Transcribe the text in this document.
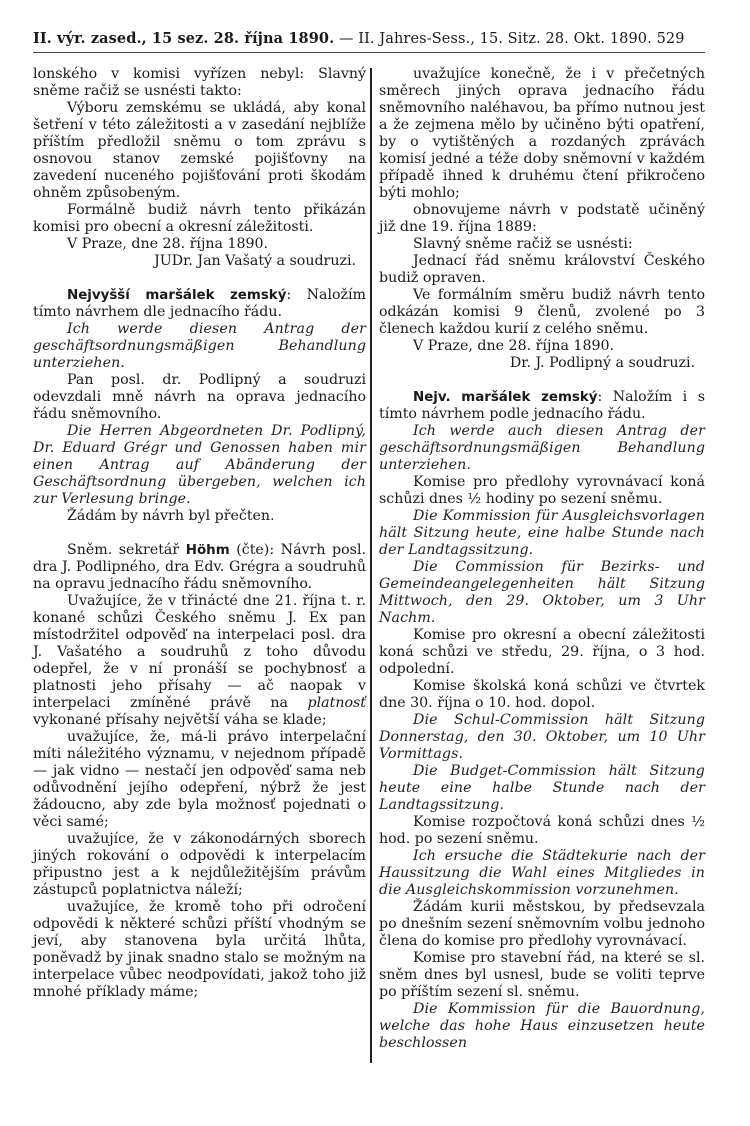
II. výr. zased., 15 sez. 28. října 1890. — II. Jahres-Sess., 15. Sitz. 28. Okt. 1890. 529

lonského v komisi vyřízen nebyl: Slavný sněme račiž se usnésti takto:

Výboru zemskému se ukládá, aby konal šetření v této záležitosti a v zasedání nejblíže příštím předložil sněmu o tom zprávu s osnovou stanov zemské pojišťovny na zavedení nuceného pojišťování proti škodám ohněm způsobeným.

Formálně budiž návrh tento přikázán komisi pro obecní a okresní záležitosti.

V Praze, dne 28. října 1890.

JUDr. Jan Vašatý a soudruzi.

Nejvyšší maršálek zemský: Naložím tímto návrhem dle jednacího řádu.

Ich werde diesen Antrag der geschäftsordnungsmäßigen Behandlung unterziehen.

Pan posl. dr. Podlipný a soudruzi odevzdali mně návrh na oprava jednacího řádu sněmovního.

Die Herren Abgeordneten Dr. Podlipný, Dr. Eduard Grégr und Genossen haben mir einen Antrag auf Abänderung der Geschäftsordnung übergeben, welchen ich zur Verlesung bringe.

Žádám by návrh byl přečten.

Sněm. sekretář Höhm (čte): Návrh posl. dra J. Podlipného, dra Edv. Grégra a soudruhů na opravu jednacího řádu sněmovního.

Uvažujíce, že v třinácté dne 21. října t. r. konané schůzi Českého sněmu J. Ex pan místodržitel odpověď na interpelaci posl. dra J. Vašatého a soudruhů z toho důvodu odepřel, že v ní pronáší se pochybnosť a platnosti jeho přísahy — ač naopak v interpelaci zmíněné právě na platnosť vykonané přísahy největší váha se klade;

uvažujíce, že, má-li právo interpelační míti náležitého významu, v nejednom případě — jak vidno — nestačí jen odpověď sama neb odůvodnění jejího odepření, nýbrž že jest žádoucno, aby zde byla možnosť pojednati o věci samé;

uvažujíce, že v zákonodárných sborech jiných rokování o odpovědi k interpelacím připustno jest a k nejdůležitějším právům zástupců poplatnictva náleží;

uvažujíce, že kromě toho při odročení odpovědi k některé schůzi příští vhodným se jeví, aby stanovena byla určitá lhůta, poněvadž by jinak snadno stalo se možným na interpelace vůbec neodpovídati, jakož toho již mnohé příklady máme;

uvažujíce konečně, že i v přečetných směrech jiných oprava jednacího řádu sněmovního naléhavou, ba přímo nutnou jest a že zejmena mělo by učiněno býti opatření, by o vytištěných a rozdaných zprávách komisí jedné a téže doby sněmovní v každém případě ihned k druhému čtení přikročeno býti mohlo;

obnovujeme návrh v podstatě učiněný již dne 19. října 1889:

Slavný sněme račiž se usnésti:

Jednací řád sněmu království Českého budiž opraven.

Ve formálním směru budiž návrh tento odkázán komisi 9 členů, zvolené po 3 členech každou kurií z celého sněmu.

V Praze, dne 28. října 1890.

Dr. J. Podlipný a soudruzi.

Nejv. maršálek zemský: Naložím i s tímto návrhem podle jednacího řádu.

Ich werde auch diesen Antrag der geschäftsordnungsmäßigen Behandlung unterziehen.

Komise pro předlohy vyrovnávací koná schůzi dnes ½ hodiny po sezení sněmu.

Die Kommission für Ausgleichsvorlagen hält Sitzung heute, eine halbe Stunde nach der Landtagssitzung.

Die Commission für Bezirks- und Gemeindeangelegenheiten hält Sitzung Mittwoch, den 29. Oktober, um 3 Uhr Nachm.

Komise pro okresní a obecní záležitosti koná schůzi ve středu, 29. října, o 3 hod. odpolední.

Komise školská koná schůzi ve čtvrtek dne 30. října o 10. hod. dopol.

Die Schul-Commission hält Sitzung Donnerstag, den 30. Oktober, um 10 Uhr Vormittags.

Die Budget-Commission hält Sitzung heute eine halbe Stunde nach der Landtagssitzung.

Komise rozpočtová koná schůzi dnes ½ hod. po sezení sněmu.

Ich ersuche die Städtekurie nach der Haussitzung die Wahl eines Mitgliedes in die Ausgleichskommission vorzunehmen.

Žádám kurii městskou, by předsevzala po dnešním sezení sněmovním volbu jednoho člena do komise pro předlohy vyrovnávací.

Komise pro stavební řád, na které se sl. sněm dnes byl usnesl, bude se voliti teprve po příštím sezení sl. sněmu.

Die Kommission für die Bauordnung, welche das hohe Haus einzusetzen heute beschlossen
